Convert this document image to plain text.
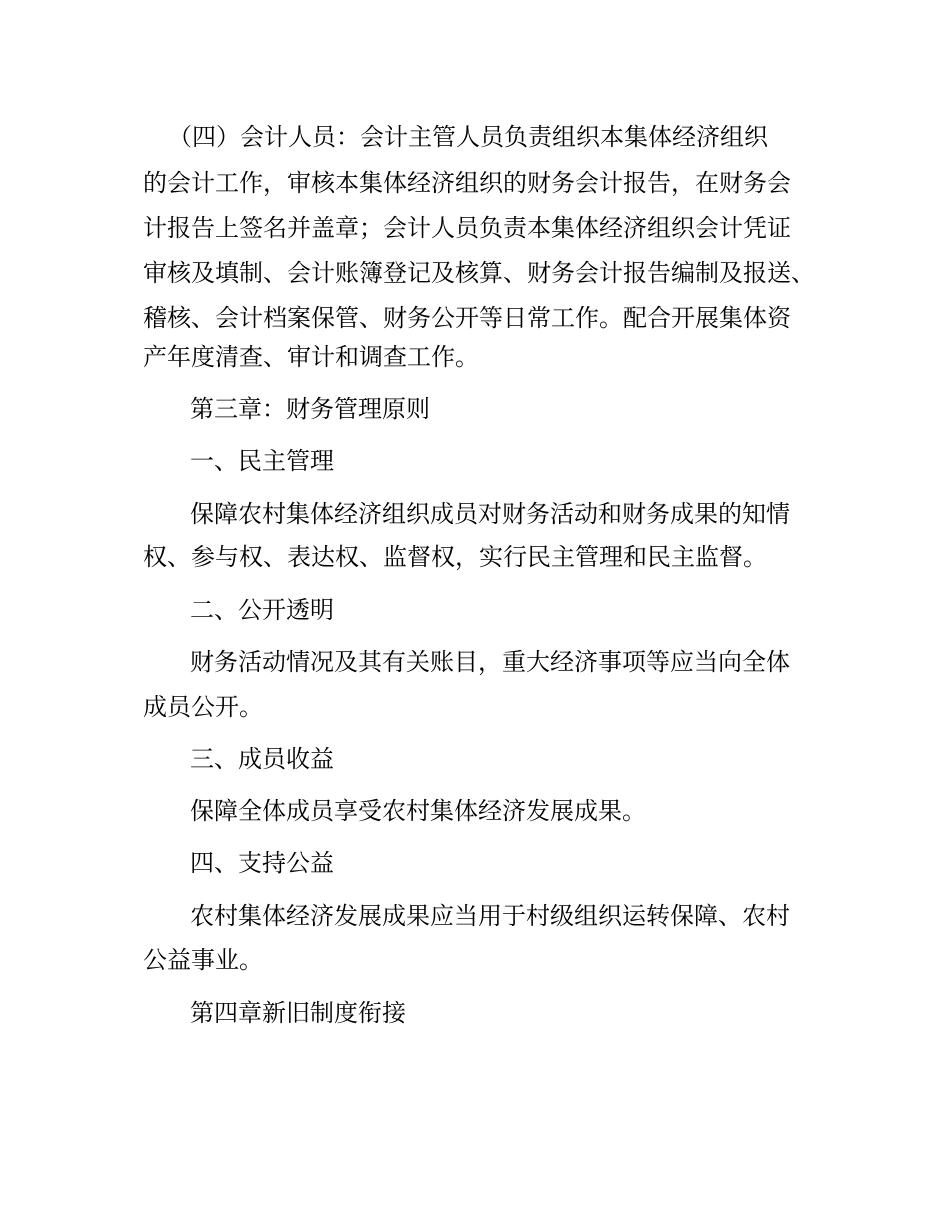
（四）会计人员：会计主管人员负责组织本集体经济组织
的会计工作，审核本集体经济组织的财务会计报告，在财务会
计报告上签名并盖章；会计人员负责本集体经济组织会计凭证
审核及填制、会计账簿登记及核算、财务会计报告编制及报送、
稽核、会计档案保管、财务公开等日常工作。配合开展集体资
产年度清查、审计和调查工作。
第三章：财务管理原则
一、民主管理
保障农村集体经济组织成员对财务活动和财务成果的知情
权、参与权、表达权、监督权，实行民主管理和民主监督。
二、公开透明
财务活动情况及其有关账目，重大经济事项等应当向全体
成员公开。
三、成员收益
保障全体成员享受农村集体经济发展成果。
四、支持公益
农村集体经济发展成果应当用于村级组织运转保障、农村
公益事业。
第四章新旧制度衔接
